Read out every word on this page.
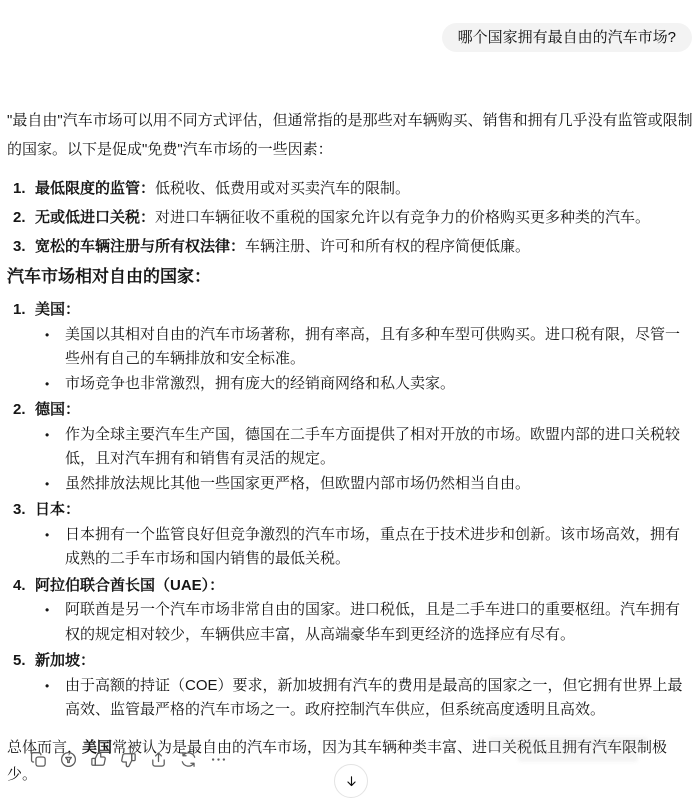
哪个国家拥有最自由的汽车市场?

"最自由"汽车市场可以用不同方式评估，但通常指的是那些对车辆购买、销售和拥有几乎没有监管或限制的国家。以下是促成"免费"汽车市场的一些因素：

1. 最低限度的监管：低税收、低费用或对买卖汽车的限制。
2. 无或低进口关税：对进口车辆征收不重税的国家允许以有竞争力的价格购买更多种类的汽车。
3. 宽松的车辆注册与所有权法律：车辆注册、许可和所有权的程序简便低廉。
汽车市场相对自由的国家：
1. 美国：
•	美国以其相对自由的汽车市场著称，拥有率高，且有多种车型可供购买。进口税有限，尽管一些州有自己的车辆排放和安全标准。
•	市场竞争也非常激烈，拥有庞大的经销商网络和私人卖家。
2. 德国：
•	作为全球主要汽车生产国，德国在二手车方面提供了相对开放的市场。欧盟内部的进口关税较低，且对汽车拥有和销售有灵活的规定。
•	虽然排放法规比其他一些国家更严格，但欧盟内部市场仍然相当自由。
3. 日本：
•	日本拥有一个监管良好但竞争激烈的汽车市场，重点在于技术进步和创新。该市场高效，拥有成熟的二手车市场和国内销售的最低关税。
4. 阿拉伯联合酋长国（UAE）：
•	阿联酋是另一个汽车市场非常自由的国家。进口税低，且是二手车进口的重要枢纽。汽车拥有权的规定相对较少，车辆供应丰富，从高端豪华车到更经济的选择应有尽有。
5. 新加坡：
•	由于高额的持证（COE）要求，新加坡拥有汽车的费用是最高的国家之一，但它拥有世界上最高效、监管最严格的汽车市场之一。政府控制汽车供应，但系统高度透明且高效。

总体而言，美国常被认为是最自由的汽车市场，因为其车辆种类丰富、进口关税低且拥有汽车限制极少。
